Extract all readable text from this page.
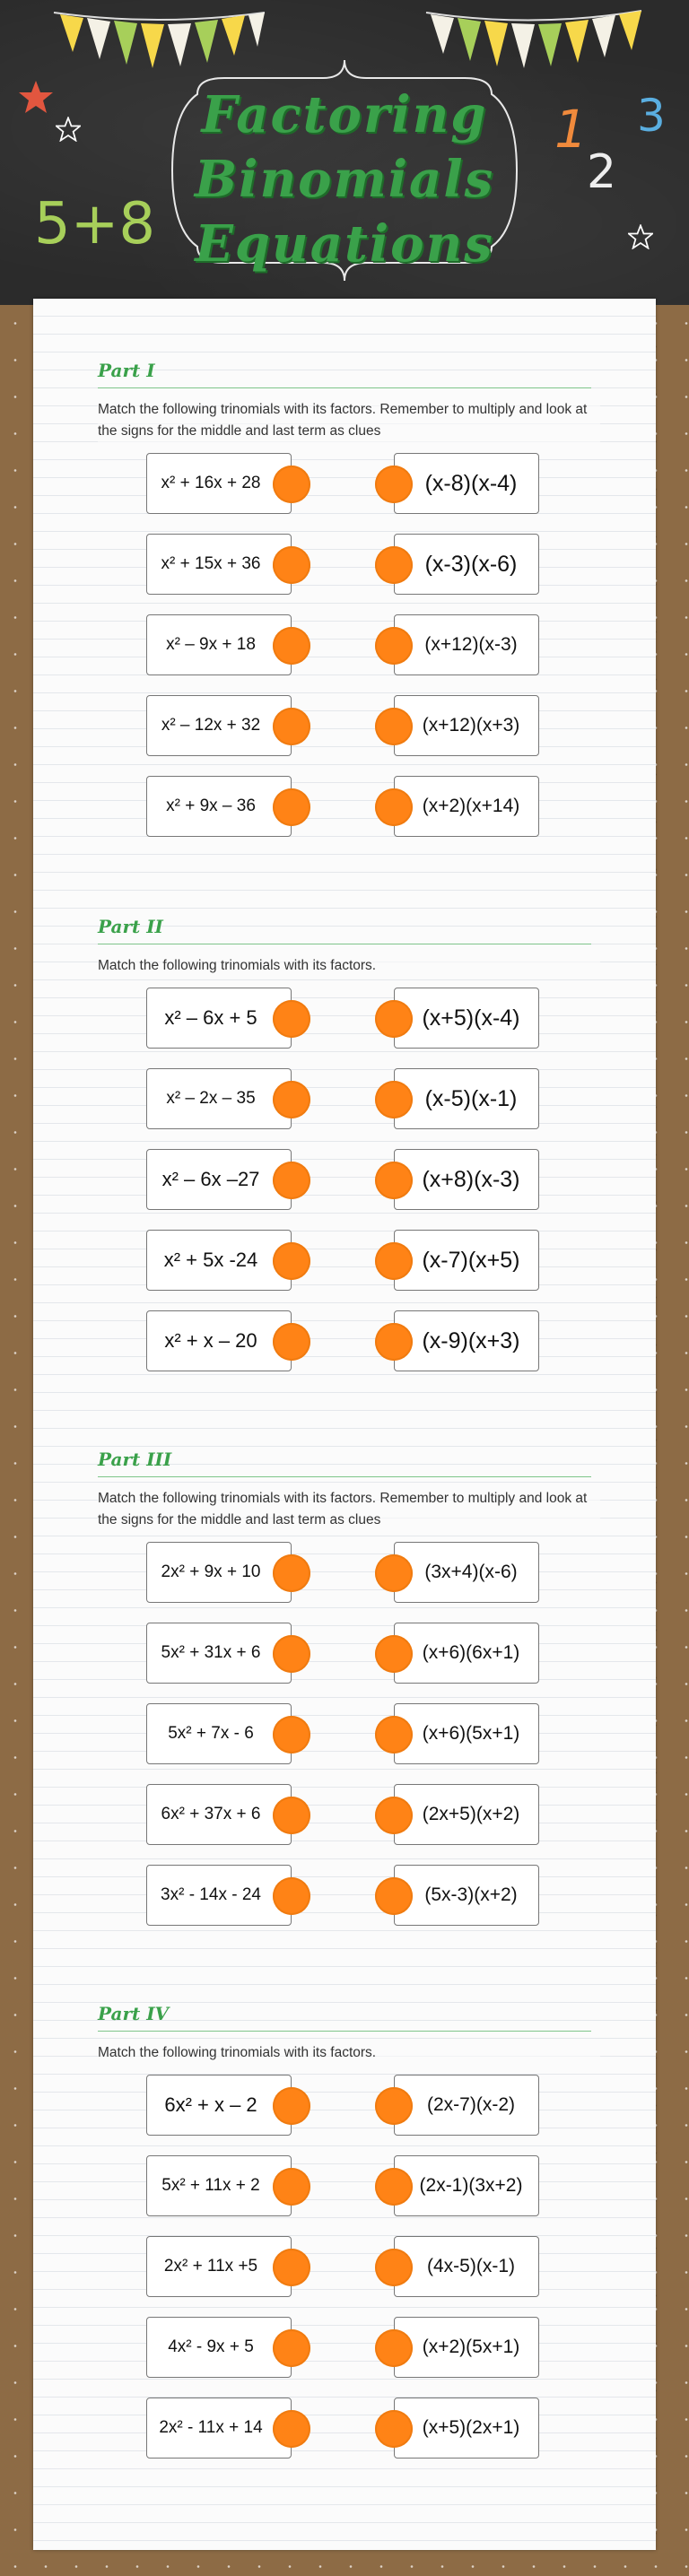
Factoring
Binomials
Equations
5+8
1
2
3
Part I

Match the following trinomials with its factors. Remember to multiply and look at the signs for the middle and last term as clues

x² + 16x + 28	(x-8)(x-4)
x² + 15x + 36	(x-3)(x-6)
x² – 9x + 18	(x+12)(x-3)
x² – 12x + 32	(x+12)(x+3)
x² + 9x – 36	(x+2)(x+14)
Part II

Match the following trinomials with its factors.

x² – 6x + 5	(x+5)(x-4)
x² – 2x – 35	(x-5)(x-1)
x² – 6x –27	(x+8)(x-3)
x² + 5x -24	(x-7)(x+5)
x² + x – 20	(x-9)(x+3)
Part III

Match the following trinomials with its factors. Remember to multiply and look at the signs for the middle and last term as clues

2x² + 9x + 10	(3x+4)(x-6)
5x² + 31x + 6	(x+6)(6x+1)
5x² + 7x - 6	(x+6)(5x+1)
6x² + 37x + 6	(2x+5)(x+2)
3x² - 14x - 24	(5x-3)(x+2)
Part IV

Match the following trinomials with its factors.

6x² + x – 2	(2x-7)(x-2)
5x² + 11x + 2	(2x-1)(3x+2)
2x² + 11x +5	(4x-5)(x-1)
4x² - 9x + 5	(x+2)(5x+1)
2x² - 11x + 14	(x+5)(2x+1)
